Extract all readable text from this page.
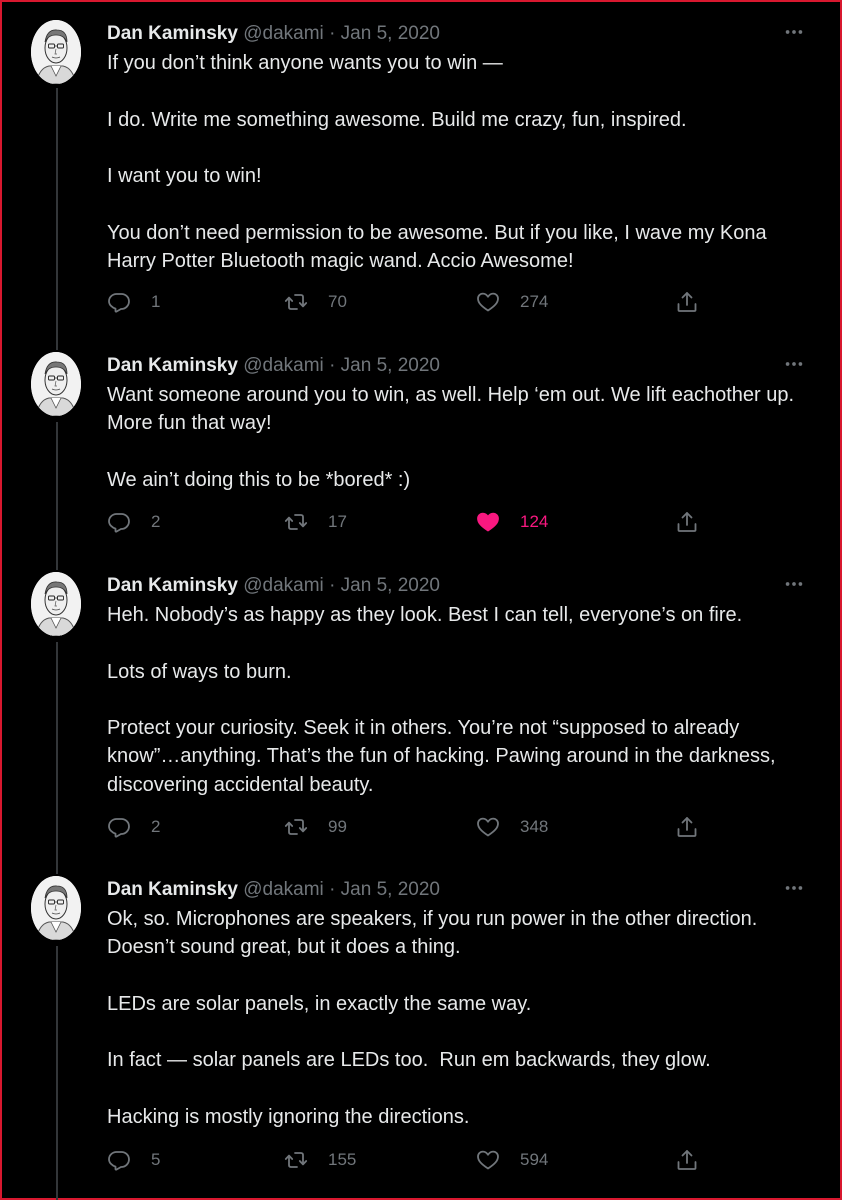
Dan Kaminsky @dakami · Jan 5, 2020
If you don’t think anyone wants you to win —

I do. Write me something awesome. Build me crazy, fun, inspired.

I want you to win!

You don’t need permission to be awesome. But if you like, I wave my Kona Harry Potter Bluetooth magic wand. Accio Awesome!
1	70	274
Dan Kaminsky @dakami · Jan 5, 2020
Want someone around you to win, as well. Help ‘em out. We lift eachother up. More fun that way!

We ain’t doing this to be *bored* :)
2	17	124
Dan Kaminsky @dakami · Jan 5, 2020
Heh. Nobody’s as happy as they look. Best I can tell, everyone’s on fire.

Lots of ways to burn.

Protect your curiosity. Seek it in others. You’re not “supposed to already know”…anything. That’s the fun of hacking. Pawing around in the darkness, discovering accidental beauty.
2	99	348
Dan Kaminsky @dakami · Jan 5, 2020
Ok, so. Microphones are speakers, if you run power in the other direction. Doesn’t sound great, but it does a thing.

LEDs are solar panels, in exactly the same way.

In fact — solar panels are LEDs too.  Run em backwards, they glow.

Hacking is mostly ignoring the directions.
5	155	594
